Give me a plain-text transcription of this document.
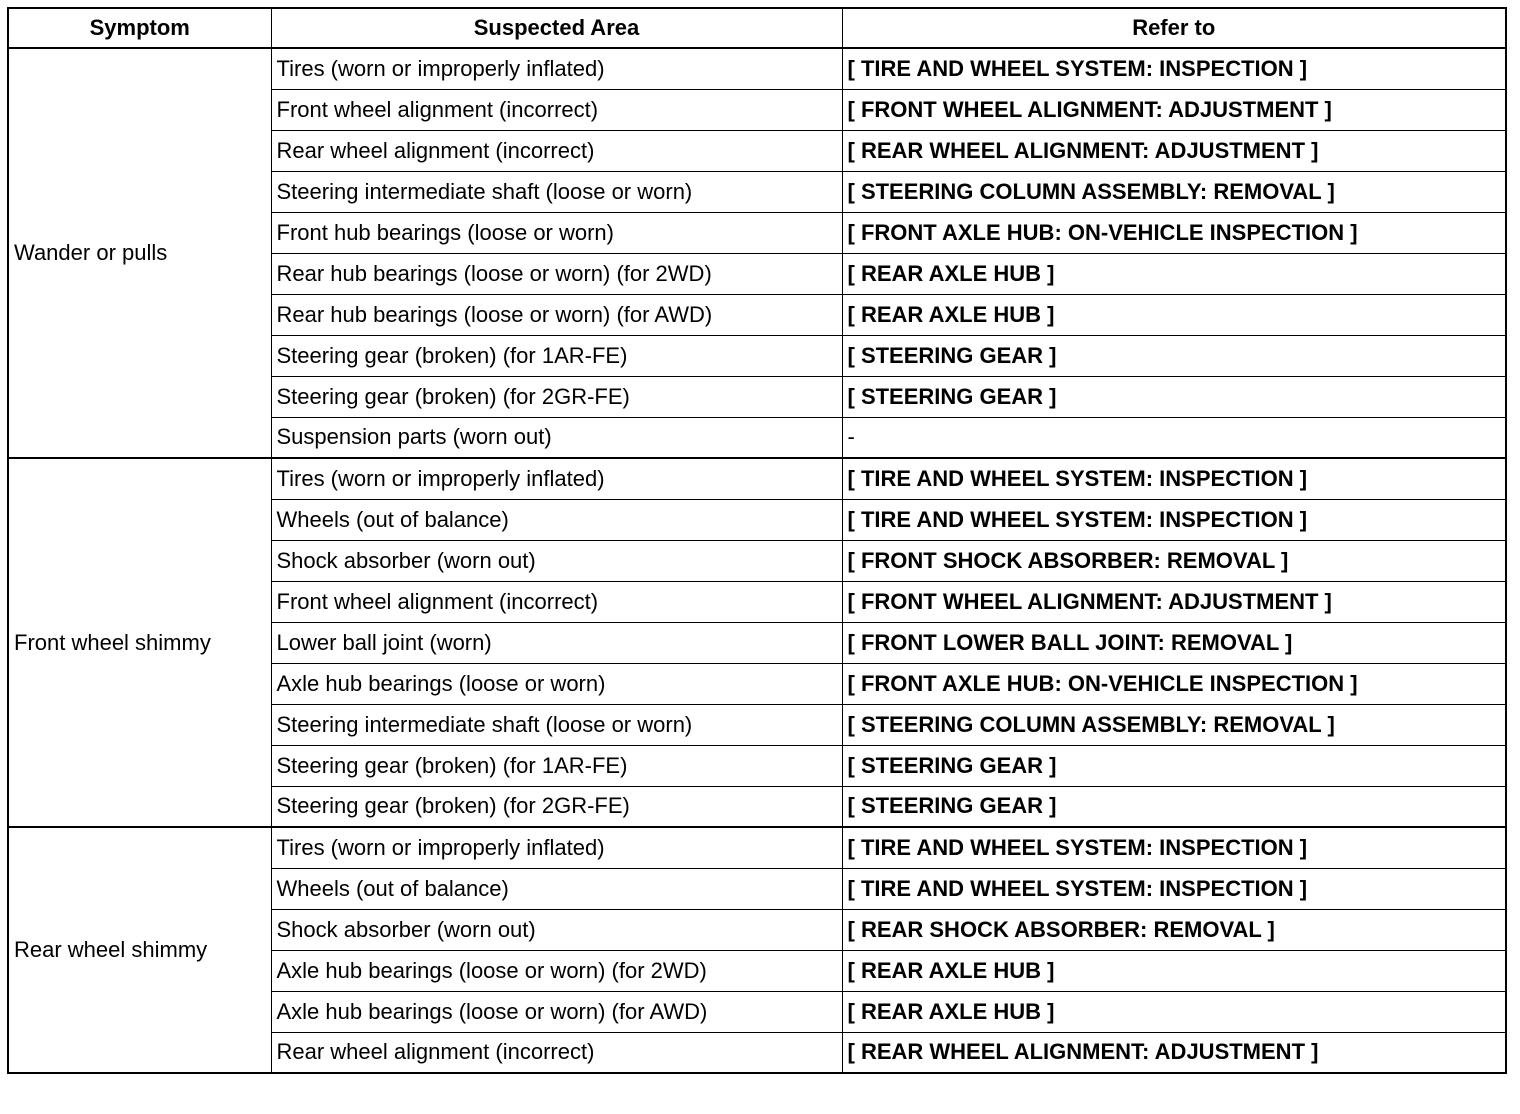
Symptom	Suspected Area	Refer to
Wander or pulls	Tires (worn or improperly inflated)	[ TIRE AND WHEEL SYSTEM: INSPECTION ]
	Front wheel alignment (incorrect)	[ FRONT WHEEL ALIGNMENT: ADJUSTMENT ]
	Rear wheel alignment (incorrect)	[ REAR WHEEL ALIGNMENT: ADJUSTMENT ]
	Steering intermediate shaft (loose or worn)	[ STEERING COLUMN ASSEMBLY: REMOVAL ]
	Front hub bearings (loose or worn)	[ FRONT AXLE HUB: ON-VEHICLE INSPECTION ]
	Rear hub bearings (loose or worn) (for 2WD)	[ REAR AXLE HUB ]
	Rear hub bearings (loose or worn) (for AWD)	[ REAR AXLE HUB ]
	Steering gear (broken) (for 1AR-FE)	[ STEERING GEAR ]
	Steering gear (broken) (for 2GR-FE)	[ STEERING GEAR ]
	Suspension parts (worn out)	-
Front wheel shimmy	Tires (worn or improperly inflated)	[ TIRE AND WHEEL SYSTEM: INSPECTION ]
	Wheels (out of balance)	[ TIRE AND WHEEL SYSTEM: INSPECTION ]
	Shock absorber (worn out)	[ FRONT SHOCK ABSORBER: REMOVAL ]
	Front wheel alignment (incorrect)	[ FRONT WHEEL ALIGNMENT: ADJUSTMENT ]
	Lower ball joint (worn)	[ FRONT LOWER BALL JOINT: REMOVAL ]
	Axle hub bearings (loose or worn)	[ FRONT AXLE HUB: ON-VEHICLE INSPECTION ]
	Steering intermediate shaft (loose or worn)	[ STEERING COLUMN ASSEMBLY: REMOVAL ]
	Steering gear (broken) (for 1AR-FE)	[ STEERING GEAR ]
	Steering gear (broken) (for 2GR-FE)	[ STEERING GEAR ]
Rear wheel shimmy	Tires (worn or improperly inflated)	[ TIRE AND WHEEL SYSTEM: INSPECTION ]
	Wheels (out of balance)	[ TIRE AND WHEEL SYSTEM: INSPECTION ]
	Shock absorber (worn out)	[ REAR SHOCK ABSORBER: REMOVAL ]
	Axle hub bearings (loose or worn) (for 2WD)	[ REAR AXLE HUB ]
	Axle hub bearings (loose or worn) (for AWD)	[ REAR AXLE HUB ]
	Rear wheel alignment (incorrect)	[ REAR WHEEL ALIGNMENT: ADJUSTMENT ]
